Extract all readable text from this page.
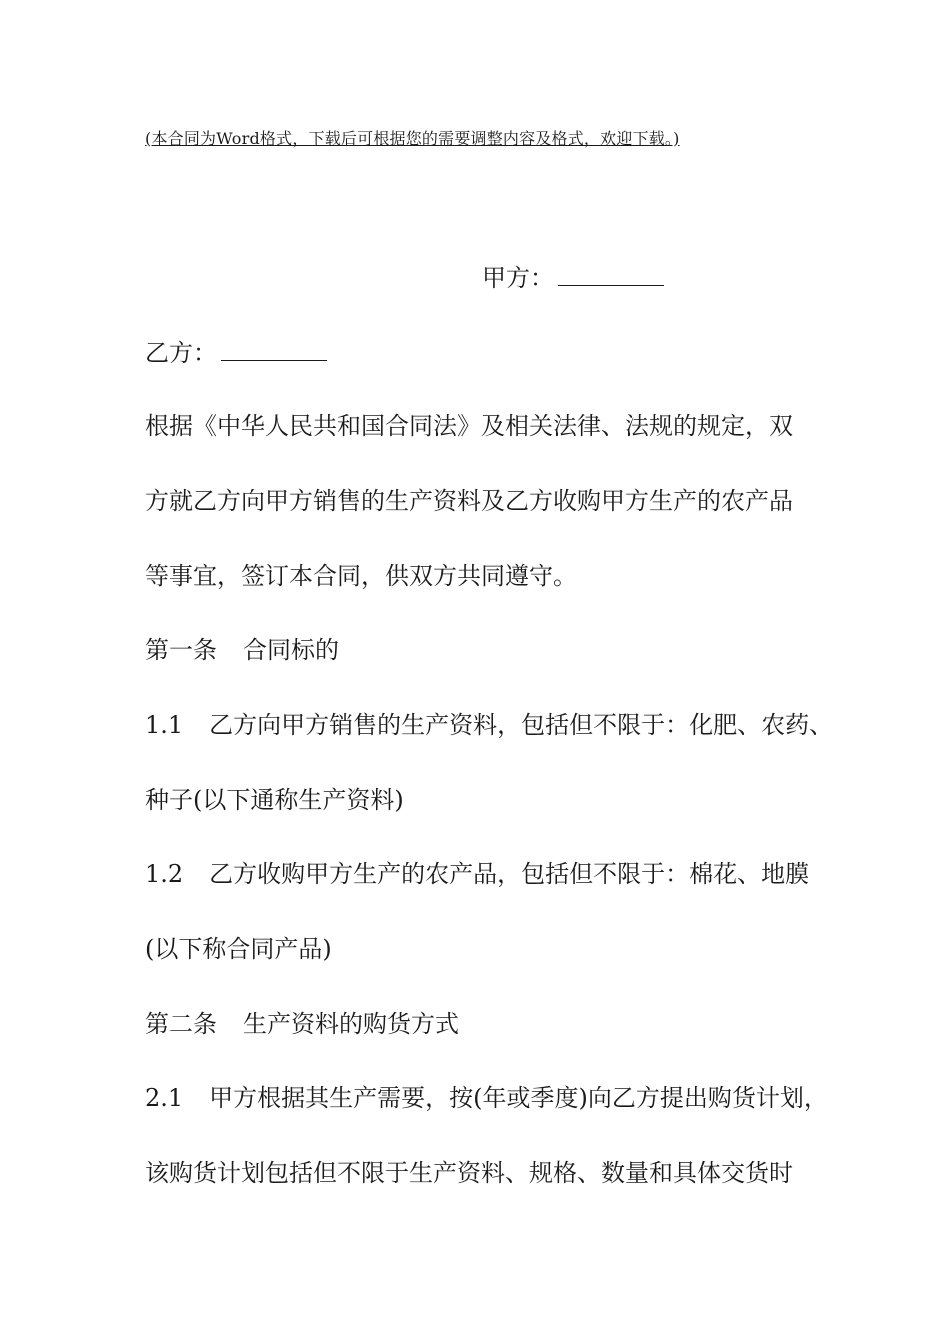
(本合同为Word格式，下载后可根据您的需要调整内容及格式，欢迎下载。)
甲方：
乙方：
根据《中华人民共和国合同法》及相关法律、法规的规定，双
方就乙方向甲方销售的生产资料及乙方收购甲方生产的农产品
等事宜，签订本合同，供双方共同遵守。
第一条 合同标的
1.1 乙方向甲方销售的生产资料，包括但不限于：化肥、农药、
种子(以下通称生产资料)
1.2 乙方收购甲方生产的农产品，包括但不限于：棉花、地膜
(以下称合同产品)
第二条 生产资料的购货方式
2.1 甲方根据其生产需要，按(年或季度)向乙方提出购货计划，
该购货计划包括但不限于生产资料、规格、数量和具体交货时
